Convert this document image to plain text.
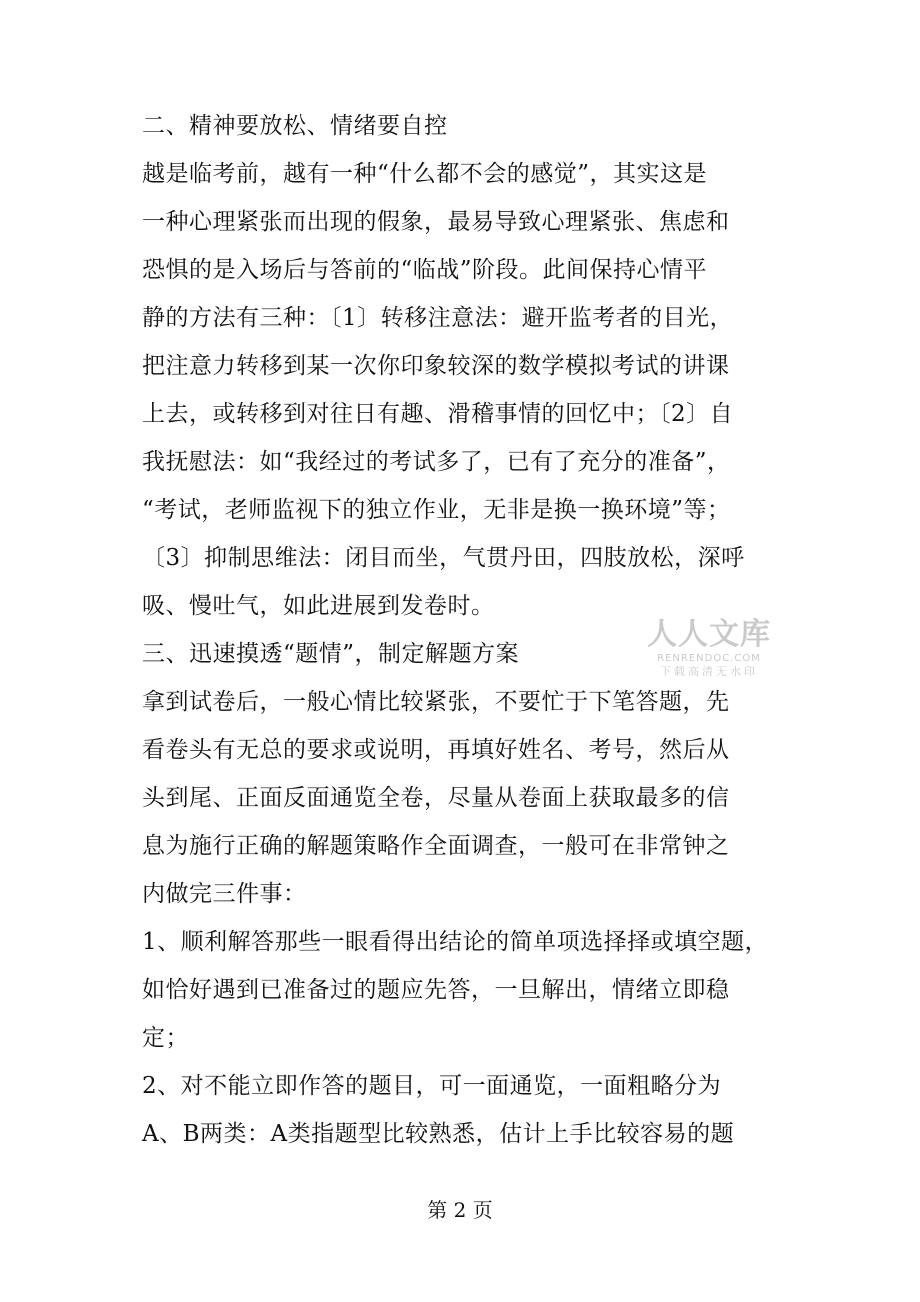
二、精神要放松、情绪要自控
越是临考前，越有一种“什么都不会的感觉”，其实这是
一种心理紧张而出现的假象，最易导致心理紧张、焦虑和
恐惧的是入场后与答前的“临战”阶段。此间保持心情平
静的方法有三种：〔1〕转移注意法：避开监考者的目光，
把注意力转移到某一次你印象较深的数学模拟考试的讲课
上去，或转移到对往日有趣、滑稽事情的回忆中；〔2〕自
我抚慰法：如“我经过的考试多了，已有了充分的准备”，
“考试，老师监视下的独立作业，无非是换一换环境”等；
〔3〕抑制思维法：闭目而坐，气贯丹田，四肢放松，深呼
吸、慢吐气，如此进展到发卷时。
三、迅速摸透“题情”，制定解题方案
拿到试卷后，一般心情比较紧张，不要忙于下笔答题，先
看卷头有无总的要求或说明，再填好姓名、考号，然后从
头到尾、正面反面通览全卷，尽量从卷面上获取最多的信
息为施行正确的解题策略作全面调查，一般可在非常钟之
内做完三件事：
1、顺利解答那些一眼看得出结论的简单项选择择或填空题，
如恰好遇到已准备过的题应先答，一旦解出，情绪立即稳
定；
2、对不能立即作答的题目，可一面通览，一面粗略分为
A、B两类：A类指题型比较熟悉，估计上手比较容易的题
人人文库
RENRENDOC.COM
下载高清无水印
第 2 页
